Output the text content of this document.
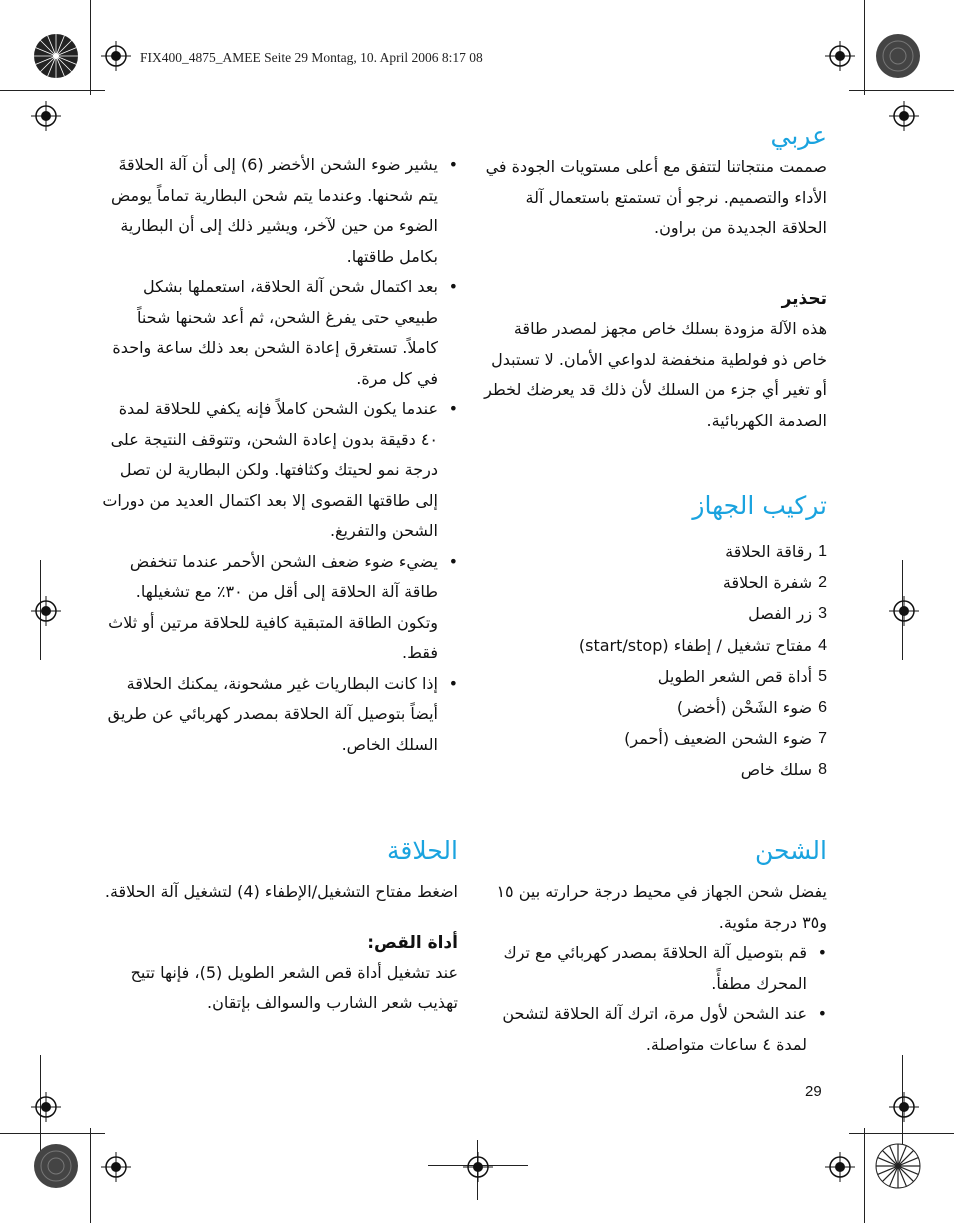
FIX400_4875_AMEE Seite 29 Montag, 10. April 2006 8:17 08
عربي

صممت منتجاتنا لتتفق مع أعلى مستويات الجودة في الأداء والتصميم. نرجو أن تستمتع باستعمال آلة الحلاقة الجديدة من براون.

تحذير

هذه الآلة مزودة بسلك خاص مجهز لمصدر طاقة خاص ذو فولطية منخفضة لدواعي الأمان. لا تستبدل أو تغير أي جزء من السلك لأن ذلك قد يعرضك لخطر الصدمة الكهربائية.

تركيب الجهاز
1
رقاقة الحلاقة
2
شفرة الحلاقة
3
زر الفصل
4
مفتاح تشغيل / إطفاء (start/stop)
5
أداة قص الشعر الطويل
6
ضوء الشَحْن (أخضر)
7
ضوء الشحن الضعيف (أحمر)
8
سلك خاص
الشحن

يفضل شحن الجهاز في محيط درجة حرارته بين ١٥ و٣٥ درجة مئوية.

•
قم بتوصيل آلة الحلاقةَ بمصدر كهربائي مع ترك المحرك مطفأً.
•
عند الشحن لأول مرة، اترك آلة الحلاقة لتشحن لمدة ٤ ساعات متواصلة.
•
يشير ضوء الشحن الأخضر (6) إلى أن آلة الحلاقةَ يتم شحنها. وعندما يتم شحن البطارية تماماً يومض الضوء من حين لآخر، ويشير ذلك إلى أن البطارية بكامل طاقتها.
•
بعد اكتمال شحن آلة الحلاقة، استعملها بشكل طبيعي حتى يفرغ الشحن، ثم أعد شحنها شحناً كاملاً. تستغرق إعادة الشحن بعد ذلك ساعة واحدة في كل مرة.
•
عندما يكون الشحن كاملاً فإنه يكفي للحلاقة لمدة ٤٠ دقيقة بدون إعادة الشحن، وتتوقف النتيجة على درجة نمو لحيتك وكثافتها. ولكن البطارية لن تصل إلى طاقتها القصوى إلا بعد اكتمال العديد من دورات الشحن والتفريغ.
•
يضيء ضوء ضعف الشحن الأحمر عندما تنخفض طاقة آلة الحلاقة إلى أقل من ٣٠٪ مع تشغيلها. وتكون الطاقة المتبقية كافية للحلاقة مرتين أو ثلاث فقط.
•
إذا كانت البطاريات غير مشحونة، يمكنك الحلاقة أيضاً بتوصيل آلة الحلاقة بمصدر كهربائي عن طريق السلك الخاص.
الحلاقة

اضغط مفتاح التشغيل/الإطفاء (4) لتشغيل آلة الحلاقة.

أداة القص:

عند تشغيل أداة قص الشعر الطويل (5)، فإنها تتيح تهذيب شعر الشارب والسوالف بإتقان.

29
